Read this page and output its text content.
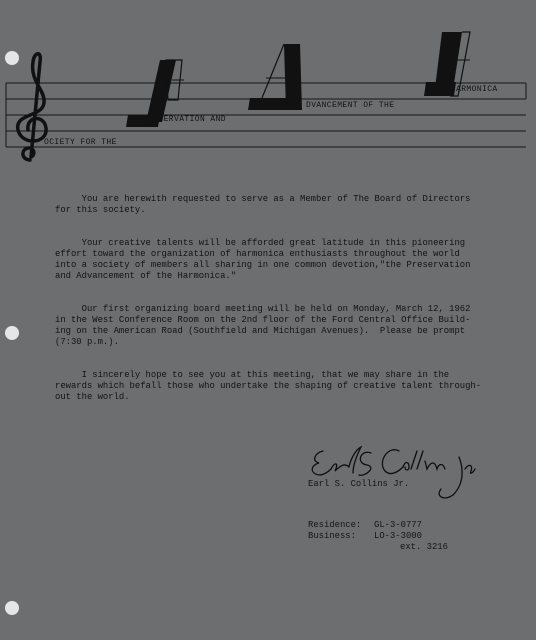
OCIETY FOR THE
RESERVATION AND
DVANCEMENT OF THE
ARMONICA

You are herewith requested to serve as a Member of The Board of Directors
for this society.

Your creative talents will be afforded great latitude in this pioneering
effort toward the organization of harmonica enthusiasts throughout the world
into a society of members all sharing in one common devotion,"the Preservation
and Advancement of the Harmonica."

Our first organizing board meeting will be held on Monday, March 12, 1962
in the West Conference Room on the 2nd floor of the Ford Central Office Build-
ing on the American Road (Southfield and Michigan Avenues).  Please be prompt
(7:30 p.m.).

I sincerely hope to see you at this meeting, that we may share in the
rewards which befall those who undertake the shaping of creative talent through-
out the world.

Earl S. Collins Jr.
Residence: GL-3-0777
Business: LO-3-3000
ext. 3216
